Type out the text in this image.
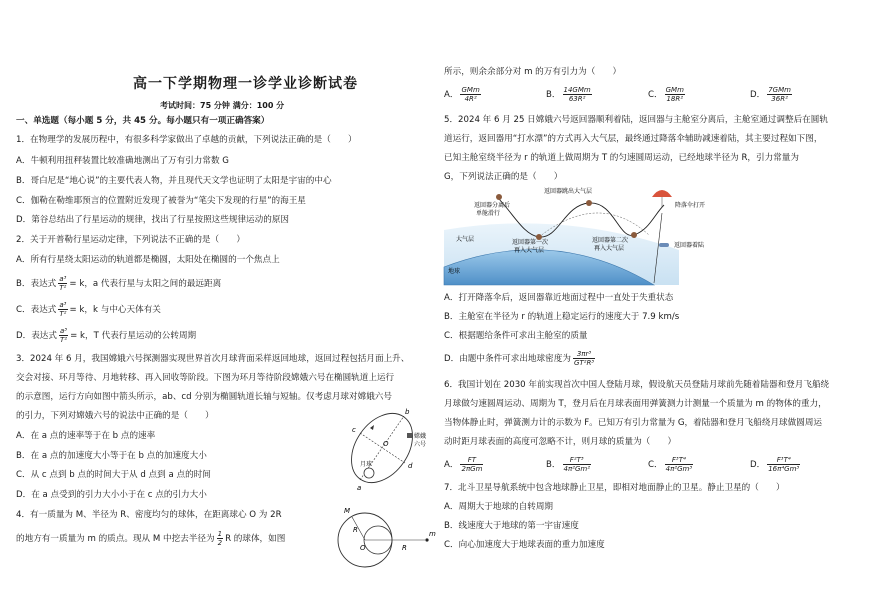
高一下学期物理一诊学业诊断试卷
考试时间：75 分钟 满分：100 分
一、单选题（每小题 5 分，共 45 分。每小题只有一项正确答案）
1．在物理学的发展历程中，有很多科学家做出了卓越的贡献，下列说法正确的是（　　）
A．牛顿利用扭秤装置比较准确地测出了万有引力常数 G
B．哥白尼是“地心说”的主要代表人物，并且现代天文学也证明了太阳是宇宙的中心
C．伽勒在勒维耶预言的位置附近发现了被誉为“笔尖下发现的行星”的海王星
D．第谷总结出了行星运动的规律，找出了行星按照这些规律运动的原因
2．关于开普勒行星运动定律，下列说法不正确的是（　　）
A．所有行星绕太阳运动的轨道都是椭圆，太阳处在椭圆的一个焦点上
B．表达式 $\frac{\text{a³}}{\text{T²}} = k$，a 代表行星与太阳之间的最远距离
C．表达式 $\frac{\text{a³}}{\text{T²}} = k$，k 与中心天体有关
D．表达式 $\frac{\text{a³}}{\text{T²}} = k$，T 代表行星运动的公转周期
3．2024 年 6 月，我国嫦娥六号探测器实现世界首次月球背面采样返回地球，返回过程包括月面上升、
交会对接、环月等待、月地转移、再入回收等阶段。下图为环月等待阶段嫦娥六号在椭圆轨道上运行
的示意图，运行方向如图中箭头所示，ab、cd 分别为椭圆轨道长轴与短轴。仅考虑月球对嫦娥六号
的引力，下列对嫦娥六号的说法中正确的是（　　）
A．在 a 点的速率等于在 b 点的速率
B．在 a 点的加速度大小等于在 b 点的加速度大小
C．从 c 点到 b 点的时间大于从 d 点到 a 点的时间
D．在 a 点受到的引力大小小于在 c 点的引力大小
4．有一质量为 M、半径为 R、密度均匀的球体，在距离球心 O 为 2R
的地方有一质量为 m 的质点。现从 M 中挖去半径为 $\frac{1}{2}$ R 的球体，如图
a
b
c
d
O
月球
嫦娥
六号
M
O
R
R
m
所示，则余余部分对 m 的万有引力为（　　）
A． $\frac{\text{GMm}}{\text{4R²}}$	B． $\frac{\text{14GMm}}{\text{63R²}}$	C． $\frac{\text{GMm}}{\text{18R²}}$	D． $\frac{\text{7GMm}}{\text{36R²}}$
5．2024 年 6 月 25 日嫦娥六号返回器顺利着陆，返回器与主舱室分离后，主舱室通过调整后在圆轨
道运行，返回器用“打水漂”的方式再入大气层，最终通过降落伞辅助减速着陆，其主要过程如下图，
已知主舱室绕半径为 r 的轨道上做周期为 T 的匀速圆周运动，已经地球半径为 R，引力常量为
G，下列说法正确的是（　　）
返回器跳出大气层
返回器分离后
单舱滑行
降落伞打开
大气层	返回器第一次
再入大气层
返回器第二次
再入大气层	返回器着陆
地球
A．打开降落伞后，返回器靠近地面过程中一直处于失重状态
B．主舱室在半径为 r 的轨道上稳定运行的速度大于 7.9 km/s
C．根据题给条件可求出主舱室的质量
D．由题中条件可求出地球密度为 $\frac{\text{3πr³}}{\text{GT²R³}}$
6．我国计划在 2030 年前实现首次中国人登陆月球，假设航天员登陆月球前先随着陆器和登月飞船绕
月球做匀速圆周运动、周期为 T，登月后在月球表面用弹簧测力计测量一个质量为 m 的物体的重力，
当物体静止时，弹簧测力计的示数为 F。已知万有引力常量为 G，着陆器和登月飞船绕月球做圆周运
动时距月球表面的高度可忽略不计，则月球的质量为（　　）
A． $\frac{FT}{\text{2πGm}}$	B． $\frac{\text{F²T³}}{\text{4π²Gm²}}$	C． $\frac{\text{F³T⁴}}{\text{4π²Gm³}}$	D． $\frac{\text{F³T⁴}}{\text{16π⁴Gm³}}$
7．北斗卫星导航系统中包含地球静止卫星，即相对地面静止的卫星。静止卫星的（　　）
A．周期大于地球的自转周期
B．线速度大于地球的第一宇宙速度
C．向心加速度大于地球表面的重力加速度
